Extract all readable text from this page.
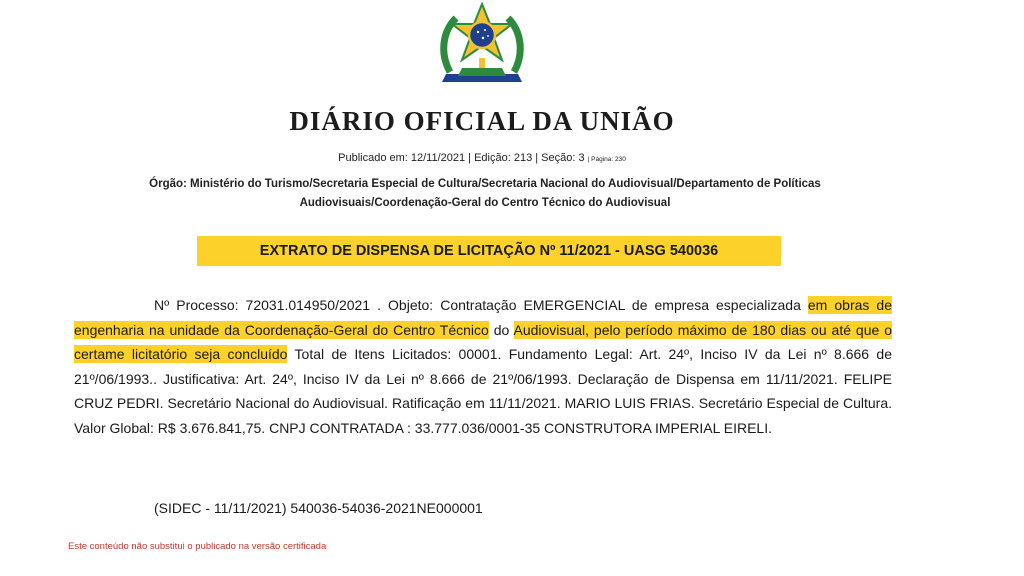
DIÁRIO OFICIAL DA UNIÃO
Publicado em: 12/11/2021 | Edição: 213 | Seção: 3 | Página: 230
Órgão: Ministério do Turismo/Secretaria Especial de Cultura/Secretaria Nacional do Audiovisual/Departamento de Políticas
Audiovisuais/Coordenação-Geral do Centro Técnico do Audiovisual
EXTRATO DE DISPENSA DE LICITAÇÃO Nº 11/2021 - UASG 540036
Nº Processo: 72031.014950/2021 . Objeto: Contratação EMERGENCIAL de empresa especializada em obras de engenharia na unidade da Coordenação-Geral do Centro Técnico do Audiovisual, pelo período máximo de 180 dias ou até que o certame licitatório seja concluído Total de Itens Licitados: 00001. Fundamento Legal: Art. 24º, Inciso IV da Lei nº 8.666 de 21º/06/1993.. Justificativa: Art. 24º, Inciso IV da Lei nº 8.666 de 21º/06/1993. Declaração de Dispensa em 11/11/2021. FELIPE CRUZ PEDRI. Secretário Nacional do Audiovisual. Ratificação em 11/11/2021. MARIO LUIS FRIAS. Secretário Especial de Cultura. Valor Global: R$ 3.676.841,75. CNPJ CONTRATADA : 33.777.036/0001-35 CONSTRUTORA IMPERIAL EIRELI.
(SIDEC - 11/11/2021) 540036-54036-2021NE000001
Este conteúdo não substitui o publicado na versão certificada
